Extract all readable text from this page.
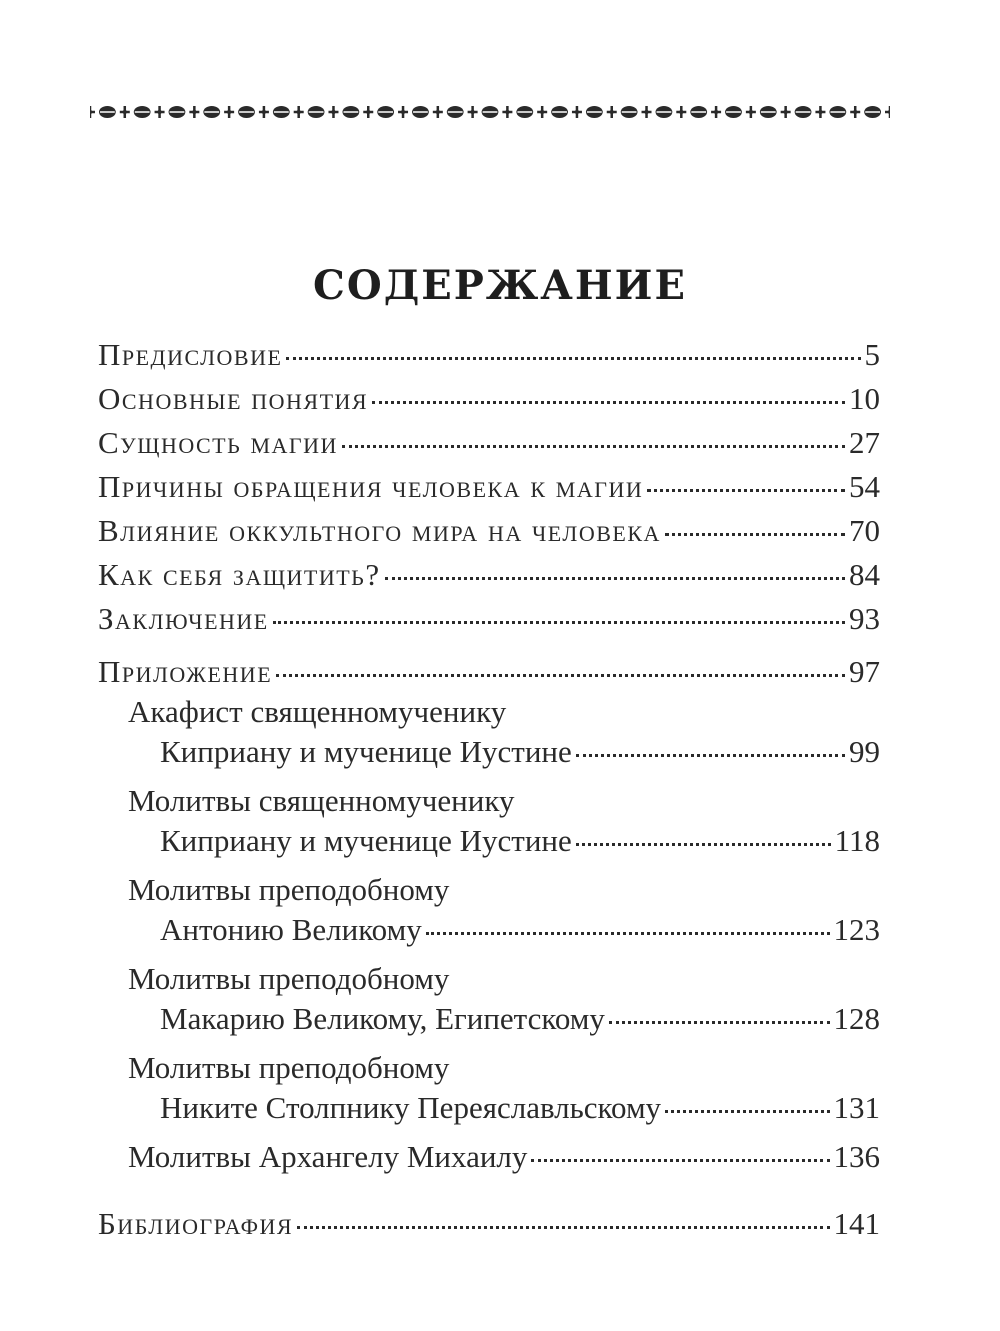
СОДЕРЖАНИЕ
Предисловие	5
Основные понятия	10
Сущность магии	27
Причины обращения человека к магии	54
Влияние оккультного мира на человека	70
Как себя защитить?	84
Заключение	93
Приложение	97
Акафист священномученику
Киприану и мученице Иустине	99
Молитвы священномученику
Киприану и мученице Иустине	118
Молитвы преподобному
Антонию Великому	123
Молитвы преподобному
Макарию Великому, Египетскому	128
Молитвы преподобному
Никите Столпнику Переяславльскому	131
Молитвы Архангелу Михаилу	136
Библиография	141
